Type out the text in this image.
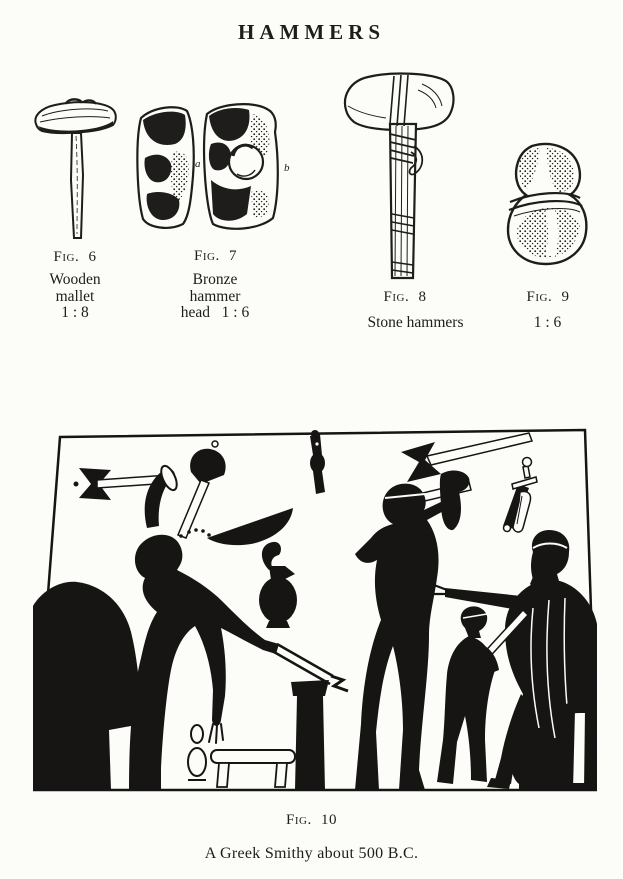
HAMMERS
a	b
Fig. 6	Fig. 7
Wooden
mallet
1 : 8
Bronze
hammer
head   1 : 6
Fig. 8	Fig. 9
Stone hammers	1 : 6
Fig. 10
A Greek Smithy about 500 B.C.
